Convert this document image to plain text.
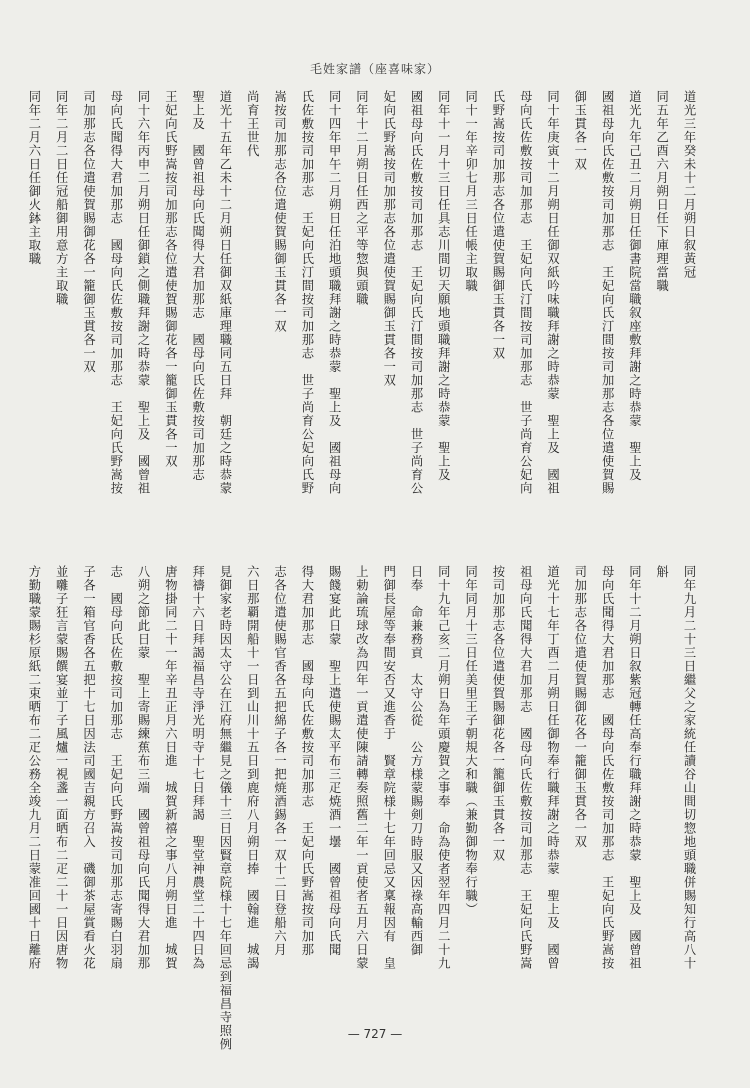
毛姓家譜（座喜味家）
道光三年癸未十二月朔日叙黃冠
同五年乙酉六月朔日任下庫理當職
道光九年己丑二月朔日任御書院當職叙座敷拜謝之時恭蒙　聖上及
國祖母向氏佐敷按司加那志　王妃向氏汀間按司加那志各位遣使賀賜
御玉貫各一双
同十年庚寅十二月朔日任御双紙吟味職拜謝之時恭蒙　聖上及　國祖
母向氏佐敷按司加那志　王妃向氏汀間按司加那志　世子尚育公妃向
氏野嵩按司加那志各位遣使賀賜御玉貫各一双
同十一年辛卯七月三日任帳主取職
同年十一月十三日任具志川間切天願地頭職拜謝之時恭蒙　聖上及
國祖母向氏佐敷按司加那志　王妃向氏汀間按司加那志　世子尚育公
妃向氏野嵩按司加那志各位遣使賀賜御玉貫各一双
同年十二月朔日任西之平等惣與頭職
同十四年甲午二月朔日任泊地頭職拜謝之時恭蒙　聖上及　國祖母向
氏佐敷按司加那志　王妃向氏汀間按司加那志　世子尚育公妃向氏野
嵩按司加那志各位遣使賀賜御玉貫各一双
尚育王世代
道光十五年乙未十二月朔日任御双紙庫理職同五日拜　朝廷之時恭蒙
聖上及　國曾祖母向氏聞得大君加那志　國母向氏佐敷按司加那志
王妃向氏野嵩按司加那志各位遣使賀賜御花各一籠御玉貫各一双
同十六年丙申二月朔日任御鎖之側職拜謝之時恭蒙　聖上及　國曾祖
母向氏聞得大君加那志　國母向氏佐敷按司加那志　王妃向氏野嵩按
司加那志各位遣使賀賜御花各一籠御玉貫各一双
同年二月二日任冠船御用意方主取職
同年二月六日任御火鉢主取職
同年九月二十三日繼父之家統任讀谷山間切惣地頭職併賜知行高八十
斛
同年十二月朔日叙紫冠轉任高奉行職拜謝之時恭蒙　聖上及　國曾祖
母向氏聞得大君加那志　國母向氏佐敷按司加那志　王妃向氏野嵩按
司加那志各位遣使賀賜御花各一籠御玉貫各一双
道光十七年丁酉二月朔日任御物奉行職拜謝之時恭蒙　聖上及　國曾
祖母向氏聞得大君加那志　國母向氏佐敷按司加那志　王妃向氏野嵩
按司加那志各位遣使賀賜御花各一籠御玉貫各一双
同年同月十三日任美里王子朝規大和職（兼勤御物奉行職）
同十九年己亥二月朔日為年頭慶賀之事奉　命為使者翌年四月二十九
日奉　命兼務貢　太守公從　公方様蒙賜剣刀時服又因祿高輸西御
門御長屋等奉間安否又進香于　賢章院様十七年回忌又稟報因有　皇
上勅論琉球改為四年一貢遣使陳請轉奏照舊二年一貢使者五月六日蒙
賜餞宴此日蒙　聖上遣使賜太平布三疋焼酒一壜　國曾祖母向氏聞
得大君加那志　國母向氏佐敷按司加那志　王妃向氏野嵩按司加那
志各位遣使賜官香各五把綿子各一把焼酒錫各一双十二日登船六月
六日那覇開船十一日到山川十五日到鹿府八月朔日捧　國翰進　城謁
見御家老時因太守公在江府無繼見之儀十三日因賢章院様十七年回忌到福昌寺照例
拜禱十六日拜謁福昌寺淨光明寺十七日拜謁　聖堂神農堂二十四日為
唐物掛同二十一年辛丑正月六日進　城賀新禧之事八月朔日進　城賀
八朔之節此日蒙　聖上寄賜練蕉布三端　國曾祖母向氏聞得大君加那
志　國母向氏佐敷按司加那志　王妃向氏野嵩按司加那志寄賜白羽扇
子各一箱官香各五把十七日因法司國吉親方召入　磯御茶屋賞看火花
並囃子狂言蒙賜饌宴並丁子風爐一視盞一面晒布二疋二十一日因唐物
方勤職蒙賜杉原紙二束晒布二疋公務全竣九月二日蒙准回國十日離府
— 727 —
